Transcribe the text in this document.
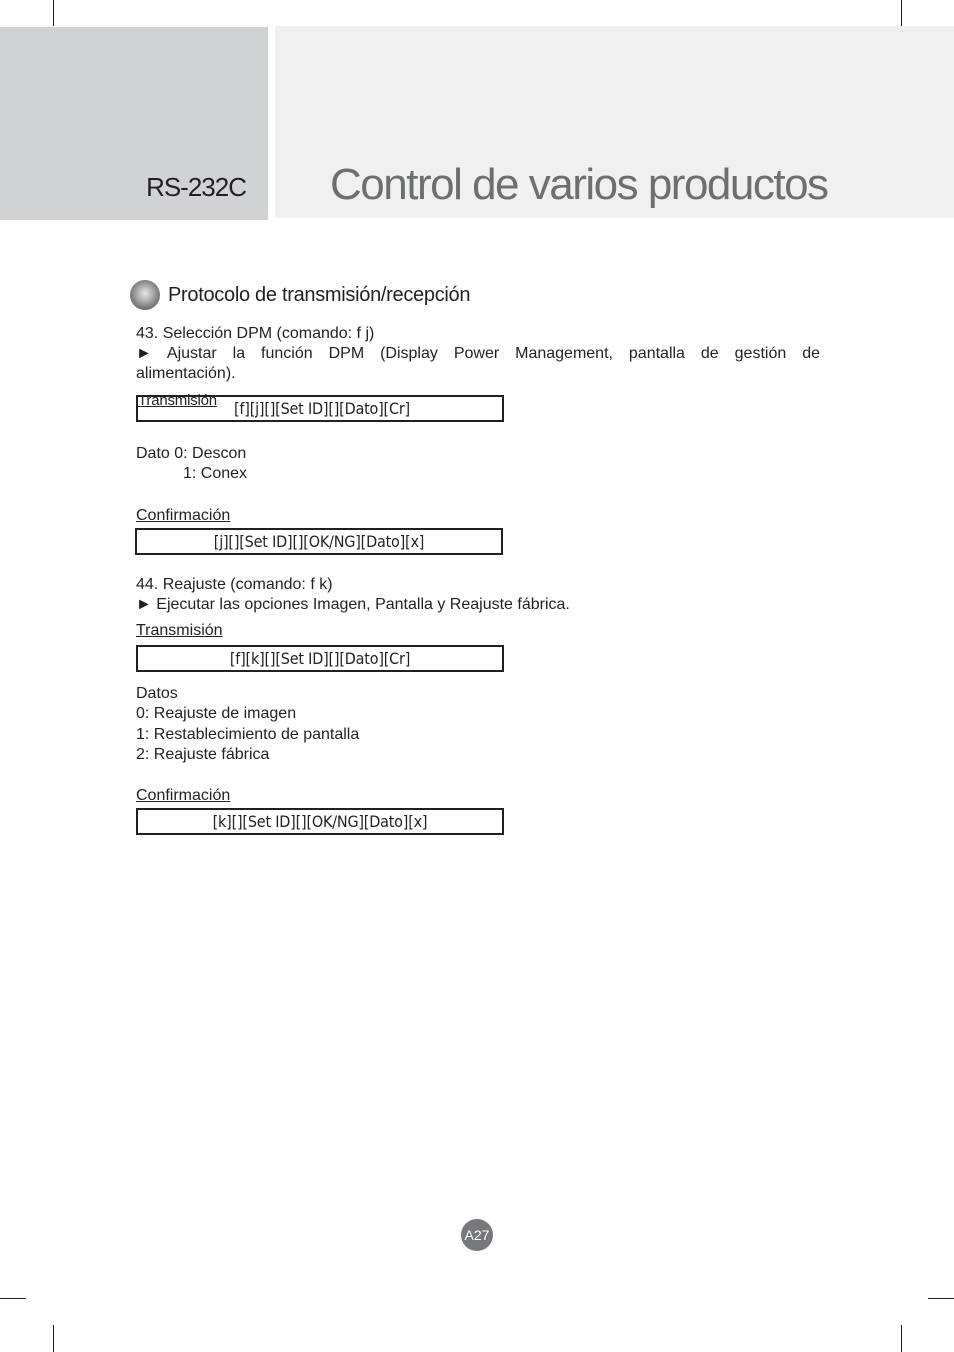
RS-232C Control de varios productos
Protocolo de transmisión/recepción
43. Selección DPM (comando: f j)
► Ajustar la función DPM (Display Power Management, pantalla de gestión de
alimentación).
Transmisión [f][j][][Set ID][][Dato][Cr]
Dato 0: Descon
1: Conex
Confirmación
[j][][Set ID][][OK/NG][Dato][x]
44. Reajuste (comando: f k)
► Ejecutar las opciones Imagen, Pantalla y Reajuste fábrica.
Transmisión
[f][k][][Set ID][][Dato][Cr]
Datos
0: Reajuste de imagen
1: Restablecimiento de pantalla
2: Reajuste fábrica
Confirmación
[k][][Set ID][][OK/NG][Dato][x]
A27
